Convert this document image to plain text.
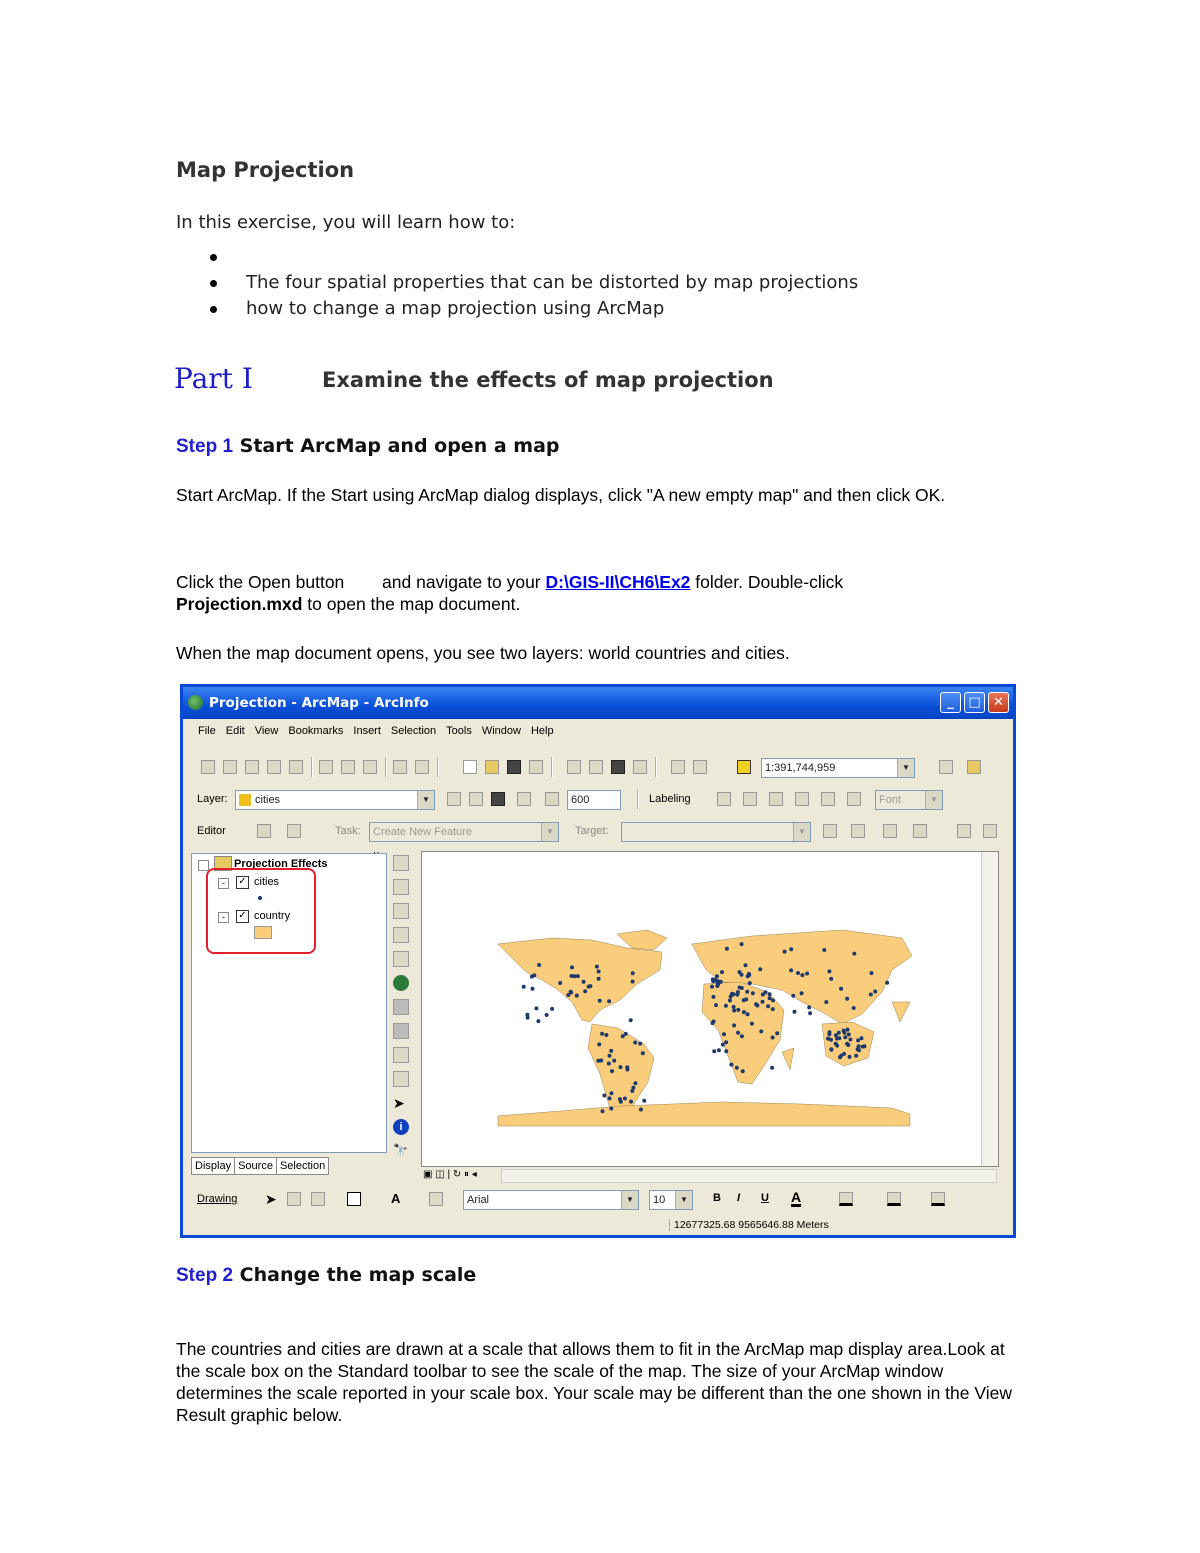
Map Projection
In this exercise, you will learn how to:
The four spatial properties that can be distorted by map projections
how to change a map projection using ArcMap
Part I	Examine the effects of map projection
Step 1 Start ArcMap and open a map
Start ArcMap. If the Start using ArcMap dialog displays, click "A new empty map" and then click OK.
Click the Open button and navigate to your D:\GIS-II\CH6\Ex2 folder. Double-click
Projection.mxd to open the map document.
When the map document opens, you see two layers: world countries and cities.
Projection - ArcMap - ArcInfo	_	□ ✕
File Edit View Bookmarks Insert Selection Tools Window Help
1:391,744,959	▼
Layer:	cities	▼	600	Labeling	Font	▼
Editor	Task:	Create New Feature	▼	Target:	▼
Projection Effects
-	✓ cities
-	✓ country
Display Source Selection
➤
i
🔭
▣ ◫ | ↻ ⏸ ◂
Drawing ➤	A	Arial	▼	10	▼	B I U A
12677325.68 9565646.88 Meters
Step 2 Change the map scale
The countries and cities are drawn at a scale that allows them to fit in the ArcMap map display area.Look at the scale box on the Standard toolbar to see the scale of the map. The size of your ArcMap window determines the scale reported in your scale box. Your scale may be different than the one shown in the View Result graphic below.
